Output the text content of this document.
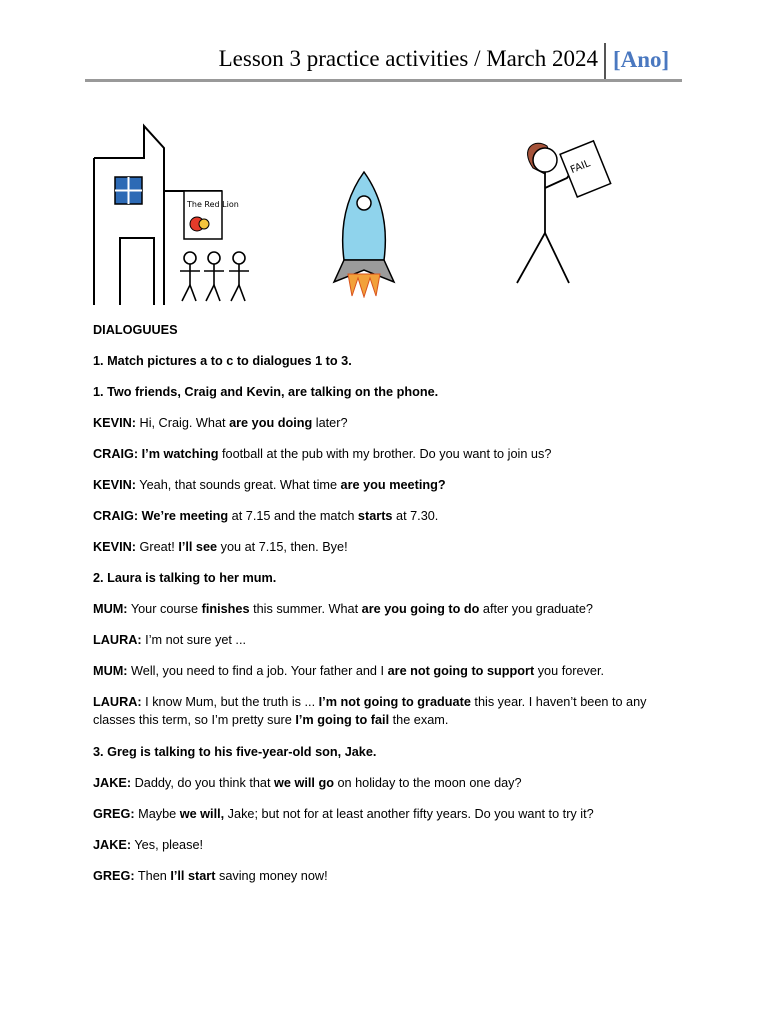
Lesson 3 practice activities / March 2024 [Ano]
The Red Lion
FAIL

DIALOGUUES

1. Match pictures a to c to dialogues 1 to 3.

1. Two friends, Craig and Kevin, are talking on the phone.

KEVIN: Hi, Craig. What are you doing later?

CRAIG: I’m watching football at the pub with my brother. Do you want to join us?

KEVIN: Yeah, that sounds great. What time are you meeting?

CRAIG: We’re meeting at 7.15 and the match starts at 7.30.

KEVIN: Great! I’ll see you at 7.15, then. Bye!

2. Laura is talking to her mum.

MUM: Your course finishes this summer. What are you going to do after you graduate?

LAURA: I’m not sure yet ...

MUM: Well, you need to find a job. Your father and I are not going to support you forever.

LAURA: I know Mum, but the truth is ... I’m not going to graduate this year. I haven’t been to any classes this term, so I’m pretty sure I’m going to fail the exam.

3. Greg is talking to his five-year-old son, Jake.

JAKE: Daddy, do you think that we will go on holiday to the moon one day?

GREG: Maybe we will, Jake; but not for at least another fifty years. Do you want to try it?

JAKE: Yes, please!

GREG: Then I’ll start saving money now!
